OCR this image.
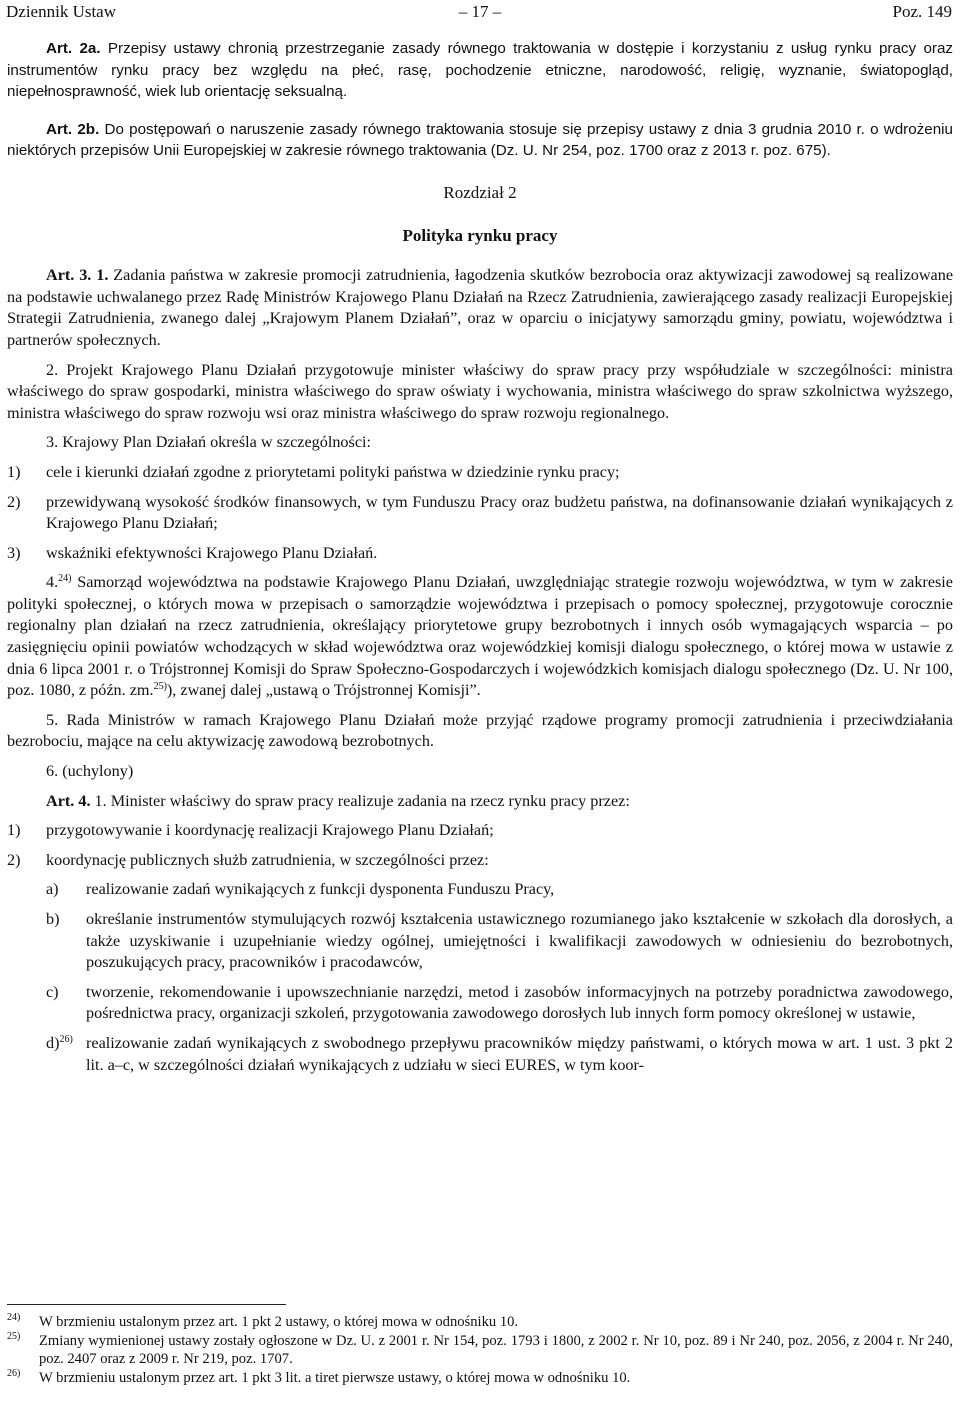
Dziennik Ustaw	– 17 –	Poz. 149

Art. 2a. Przepisy ustawy chronią przestrzeganie zasady równego traktowania w dostępie i korzystaniu z usług rynku pracy oraz instrumentów rynku pracy bez względu na płeć, rasę, pochodzenie etniczne, narodowość, religię, wyznanie, światopogląd, niepełnosprawność, wiek lub orientację seksualną.

Art. 2b. Do postępowań o naruszenie zasady równego traktowania stosuje się przepisy ustawy z dnia 3 grudnia 2010 r. o wdrożeniu niektórych przepisów Unii Europejskiej w zakresie równego traktowania (Dz. U. Nr 254, poz. 1700 oraz z 2013 r. poz. 675).

Rozdział 2

Polityka rynku pracy

Art. 3. 1. Zadania państwa w zakresie promocji zatrudnienia, łagodzenia skutków bezrobocia oraz aktywizacji zawodowej są realizowane na podstawie uchwalanego przez Radę Ministrów Krajowego Planu Działań na Rzecz Zatrudnienia, zawierającego zasady realizacji Europejskiej Strategii Zatrudnienia, zwanego dalej „Krajowym Planem Działań”, oraz w oparciu o inicjatywy samorządu gminy, powiatu, województwa i partnerów społecznych.

2. Projekt Krajowego Planu Działań przygotowuje minister właściwy do spraw pracy przy współudziale w szczególności: ministra właściwego do spraw gospodarki, ministra właściwego do spraw oświaty i wychowania, ministra właściwego do spraw szkolnictwa wyższego, ministra właściwego do spraw rozwoju wsi oraz ministra właściwego do spraw rozwoju regionalnego.

3. Krajowy Plan Działań określa w szczególności:

1) cele i kierunki działań zgodne z priorytetami polityki państwa w dziedzinie rynku pracy;
2) przewidywaną wysokość środków finansowych, w tym Funduszu Pracy oraz budżetu państwa, na dofinansowanie działań wynikających z Krajowego Planu Działań;
3) wskaźniki efektywności Krajowego Planu Działań.

4.$^{24)}$ Samorząd województwa na podstawie Krajowego Planu Działań, uwzględniając strategie rozwoju województwa, w tym w zakresie polityki społecznej, o których mowa w przepisach o samorządzie województwa i przepisach o pomocy społecznej, przygotowuje corocznie regionalny plan działań na rzecz zatrudnienia, określający priorytetowe grupy bezrobotnych i innych osób wymagających wsparcia – po zasięgnięciu opinii powiatów wchodzących w skład województwa oraz wojewódzkiej komisji dialogu społecznego, o której mowa w ustawie z dnia 6 lipca 2001 r. o Trójstronnej Komisji do Spraw Społeczno-Gospodarczych i wojewódzkich komisjach dialogu społecznego (Dz. U. Nr 100, poz. 1080, z późn. zm.$^{25)}$), zwanej dalej „ustawą o Trójstronnej Komisji”.

5. Rada Ministrów w ramach Krajowego Planu Działań może przyjąć rządowe programy promocji zatrudnienia i przeciwdziałania bezrobociu, mające na celu aktywizację zawodową bezrobotnych.

6. (uchylony)

Art. 4. 1. Minister właściwy do spraw pracy realizuje zadania na rzecz rynku pracy przez:

1) przygotowywanie i koordynację realizacji Krajowego Planu Działań;
2) koordynację publicznych służb zatrudnienia, w szczególności przez:
a) realizowanie zadań wynikających z funkcji dysponenta Funduszu Pracy,
b) określanie instrumentów stymulujących rozwój kształcenia ustawicznego rozumianego jako kształcenie w szkołach dla dorosłych, a także uzyskiwanie i uzupełnianie wiedzy ogólnej, umiejętności i kwalifikacji zawodowych w odniesieniu do bezrobotnych, poszukujących pracy, pracowników i pracodawców,
c) tworzenie, rekomendowanie i upowszechnianie narzędzi, metod i zasobów informacyjnych na potrzeby poradnictwa zawodowego, pośrednictwa pracy, organizacji szkoleń, przygotowania zawodowego dorosłych lub innych form pomocy określonej w ustawie,
d)$^{26)}$ realizowanie zadań wynikających z swobodnego przepływu pracowników między państwami, o których mowa w art. 1 ust. 3 pkt 2 lit. a–c, w szczególności działań wynikających z udziału w sieci EURES, w tym koor-
24) W brzmieniu ustalonym przez art. 1 pkt 2 ustawy, o której mowa w odnośniku 10.
25) Zmiany wymienionej ustawy zostały ogłoszone w Dz. U. z 2001 r. Nr 154, poz. 1793 i 1800, z 2002 r. Nr 10, poz. 89 i Nr 240, poz. 2056, z 2004 r. Nr 240, poz. 2407 oraz z 2009 r. Nr 219, poz. 1707.
26) W brzmieniu ustalonym przez art. 1 pkt 3 lit. a tiret pierwsze ustawy, o której mowa w odnośniku 10.
